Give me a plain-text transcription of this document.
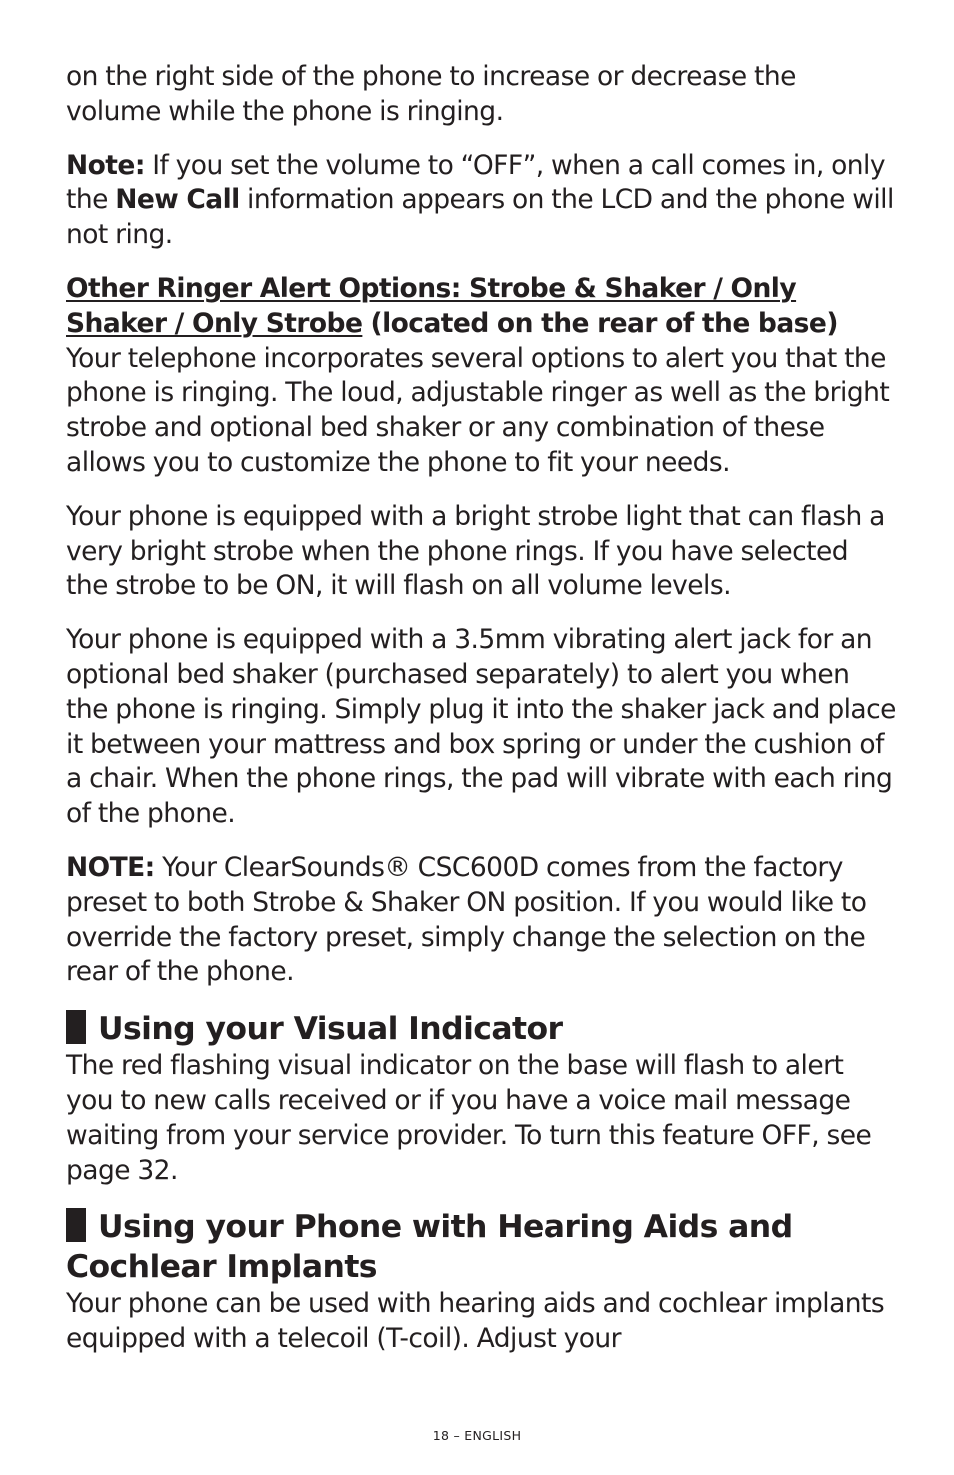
on the right side of the phone to increase or decrease the volume while the phone is ringing.

Note: If you set the volume to “OFF”, when a call comes in, only the New Call information appears on the LCD and the phone will not ring.

Other Ringer Alert Options: Strobe & Shaker / Only Shaker / Only Strobe (located on the rear of the base)

Your telephone incorporates several options to alert you that the phone is ringing. The loud, adjustable ringer as well as the bright strobe and optional bed shaker or any combination of these allows you to customize the phone to fit your needs.

Your phone is equipped with a bright strobe light that can flash a very bright strobe when the phone rings. If you have selected the strobe to be ON, it will flash on all volume levels.

Your phone is equipped with a 3.5mm vibrating alert jack for an optional bed shaker (purchased separately) to alert you when the phone is ringing. Simply plug it into the shaker jack and place it between your mattress and box spring or under the cushion of a chair. When the phone rings, the pad will vibrate with each ring of the phone.

NOTE: Your ClearSounds® CSC600D comes from the factory preset to both Strobe & Shaker ON position. If you would like to override the factory preset, simply change the selection on the rear of the phone.

Using your Visual Indicator

The red flashing visual indicator on the base will flash to alert you to new calls received or if you have a voice mail message waiting from your service provider. To turn this feature OFF, see page 32.

Using your Phone with Hearing Aids and Cochlear Implants

Your phone can be used with hearing aids and cochlear implants equipped with a telecoil (T-coil). Adjust your

18 – ENGLISH
